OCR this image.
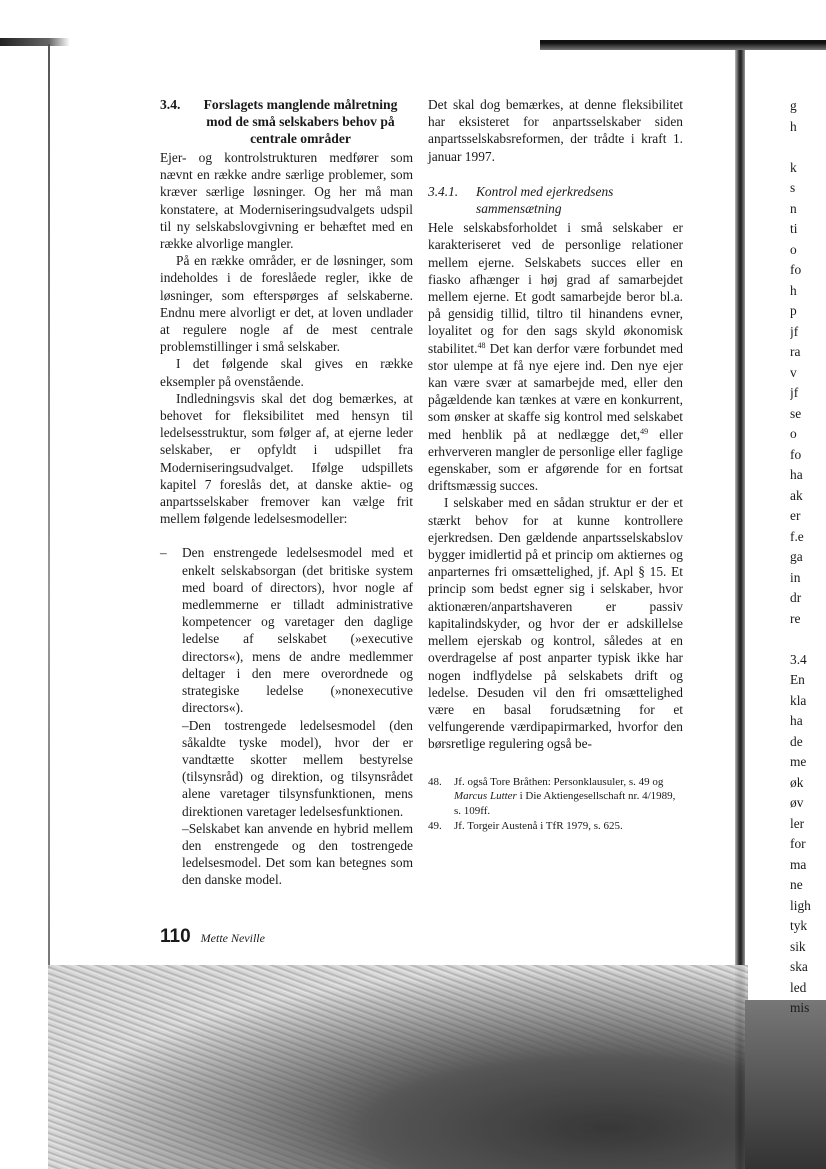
3.4.	Forslagets manglende målretning
mod de små selskabers behov på
centrale områder

Ejer- og kontrolstrukturen medfører som nævnt en række andre særlige problemer, som kræver særlige løsninger. Og her må man konstatere, at Moderniseringsudvalgets udspil til ny selskabslovgivning er behæftet med en række alvorlige mangler.

På en række områder, er de løsninger, som indeholdes i de foreslåede regler, ikke de løsninger, som efterspørges af selskaberne. Endnu mere alvorligt er det, at loven undlader at regulere nogle af de mest centrale problemstillinger i små selskaber.

I det følgende skal gives en række eksempler på ovenstående.

Indledningsvis skal det dog bemærkes, at behovet for fleksibilitet med hensyn til ledelsesstruktur, som følger af, at ejerne leder selskaber, er opfyldt i udspillet fra Moderniseringsudvalget. Ifølge udspillets kapitel 7 foreslås det, at danske aktie- og anpartsselskaber fremover kan vælge frit mellem følgende ledelsesmodeller:

–	Den enstrengede ledelsesmodel med et enkelt selskabsorgan (det britiske system med board of directors), hvor nogle af medlemmerne er tilladt administrative kompetencer og varetager den daglige ledelse af selskabet (»executive directors«), mens de andre medlemmer deltager i den mere overordnede og strategiske ledelse (»nonexecutive directors«).
–Den tostrengede ledelsesmodel (den såkaldte tyske model), hvor der er vandtætte skotter mellem bestyrelse (tilsynsråd) og direktion, og tilsynsrådet alene varetager tilsynsfunktionen, mens direktionen varetager ledelsesfunktionen.
–Selskabet kan anvende en hybrid mellem den enstrengede og den tostrengede ledelsesmodel. Det som kan betegnes som den danske model.

Det skal dog bemærkes, at denne fleksibilitet har eksisteret for anpartsselskaber siden anpartsselskabsreformen, der trådte i kraft 1. januar 1997.

3.4.1.	Kontrol med ejerkredsens sammensætning

Hele selskabsforholdet i små selskaber er karakteriseret ved de personlige relationer mellem ejerne. Selskabets succes eller en fiasko afhænger i høj grad af samarbejdet mellem ejerne. Et godt samarbejde beror bl.a. på gensidig tillid, tiltro til hinandens evner, loyalitet og for den sags skyld økonomisk stabilitet.$^{48}$ Det kan derfor være forbundet med stor ulempe at få nye ejere ind. Den nye ejer kan være svær at samarbejde med, eller den pågældende kan tænkes at være en konkurrent, som ønsker at skaffe sig kontrol med selskabet med henblik på at nedlægge det,$^{49}$ eller erhververen mangler de personlige eller faglige egenskaber, som er afgørende for en fortsat driftsmæssig succes.

I selskaber med en sådan struktur er der et stærkt behov for at kunne kontrollere ejerkredsen. Den gældende anpartsselskabslov bygger imidlertid på et princip om aktiernes og anparternes fri omsættelighed, jf. Apl § 15. Et princip som bedst egner sig i selskaber, hvor aktionæren/anpartshaveren er passiv kapitalindskyder, og hvor der er adskillelse mellem ejerskab og kontrol, således at en overdragelse af post anparter typisk ikke har nogen indflydelse på selskabets drift og ledelse. Desuden vil den fri omsættelighed være en basal forudsætning for et velfungerende værdipapirmarked, hvorfor den børsretlige regulering også be-

48.	Jf. også Tore Bråthen: Personklausuler, s. 49 og Marcus Lutter i Die Aktiengesellschaft nr. 4/1989, s. 109ff.
49.	Jf. Torgeir Austenå i TfR 1979, s. 625.
110 Mette Neville
g
h
k
s
n
ti
o
fo
h
p
jf
ra
v
jf
se
o
fo
ha
ak
er
f.e
ga
in
dr
re
3.4
En
kla
ha
de
me
øk
øv
ler
for
ma
ne
ligh
tyk
sik
ska
led
mis
